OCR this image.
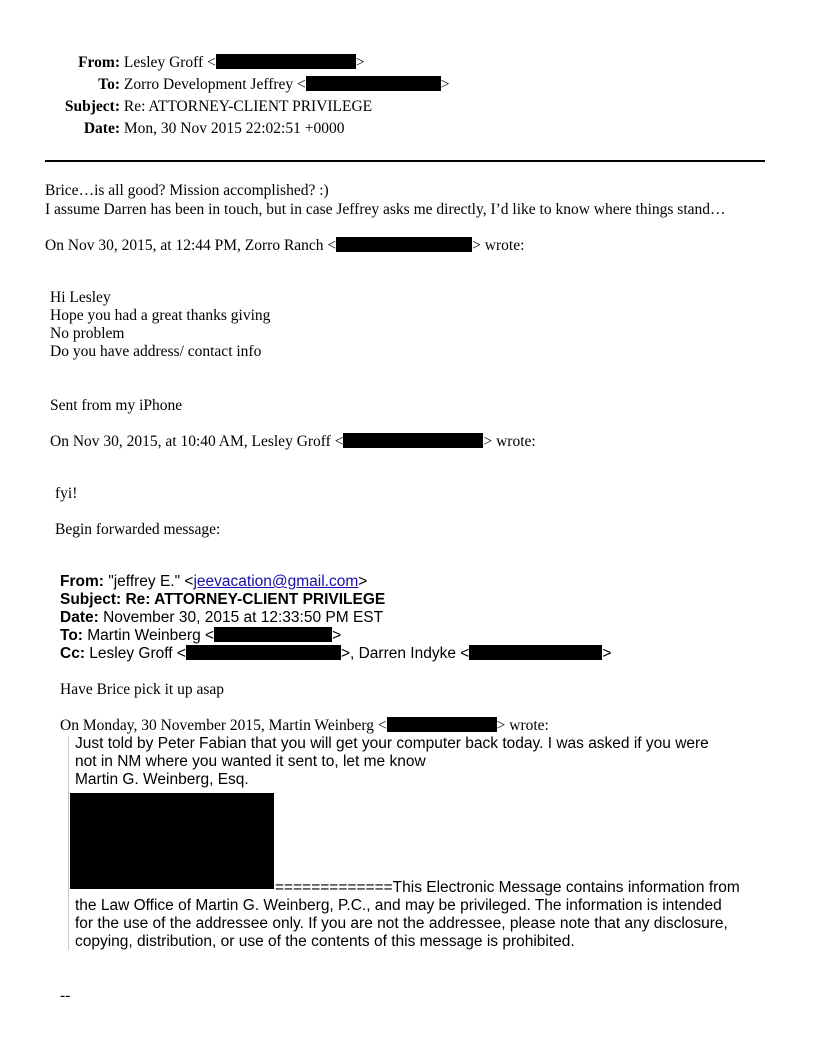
From: Lesley Groff <	>
To: Zorro Development Jeffrey <	>
Subject: Re: ATTORNEY-CLIENT PRIVILEGE
Date: Mon, 30 Nov 2015 22:02:51 +0000
Brice…is all good? Mission accomplished? :)
I assume Darren has been in touch, but in case Jeffrey asks me directly, I’d like to know where things stand…
On Nov 30, 2015, at 12:44 PM, Zorro Ranch <	> wrote:
Hi Lesley
Hope you had a great thanks giving
No problem
Do you have address/ contact info
Sent from my iPhone
On Nov 30, 2015, at 10:40 AM, Lesley Groff <	> wrote:
fyi!
Begin forwarded message:
From: "jeffrey E." <jeevacation@gmail.com>
Subject: Re: ATTORNEY-CLIENT PRIVILEGE
Date: November 30, 2015 at 12:33:50 PM EST
To: Martin Weinberg <	>
Cc: Lesley Groff <	>, Darren Indyke <	>
Have Brice pick it up asap
On Monday, 30 November 2015, Martin Weinberg <	> wrote:
Just told by Peter Fabian that you will get your computer back today. I was asked if you were
not in NM where you wanted it sent to, let me know
Martin G. Weinberg, Esq.
=============This Electronic Message contains information from
the Law Office of Martin G. Weinberg, P.C., and may be privileged. The information is intended
for the use of the addressee only. If you are not the addressee, please note that any disclosure,
copying, distribution, or use of the contents of this message is prohibited.
--
